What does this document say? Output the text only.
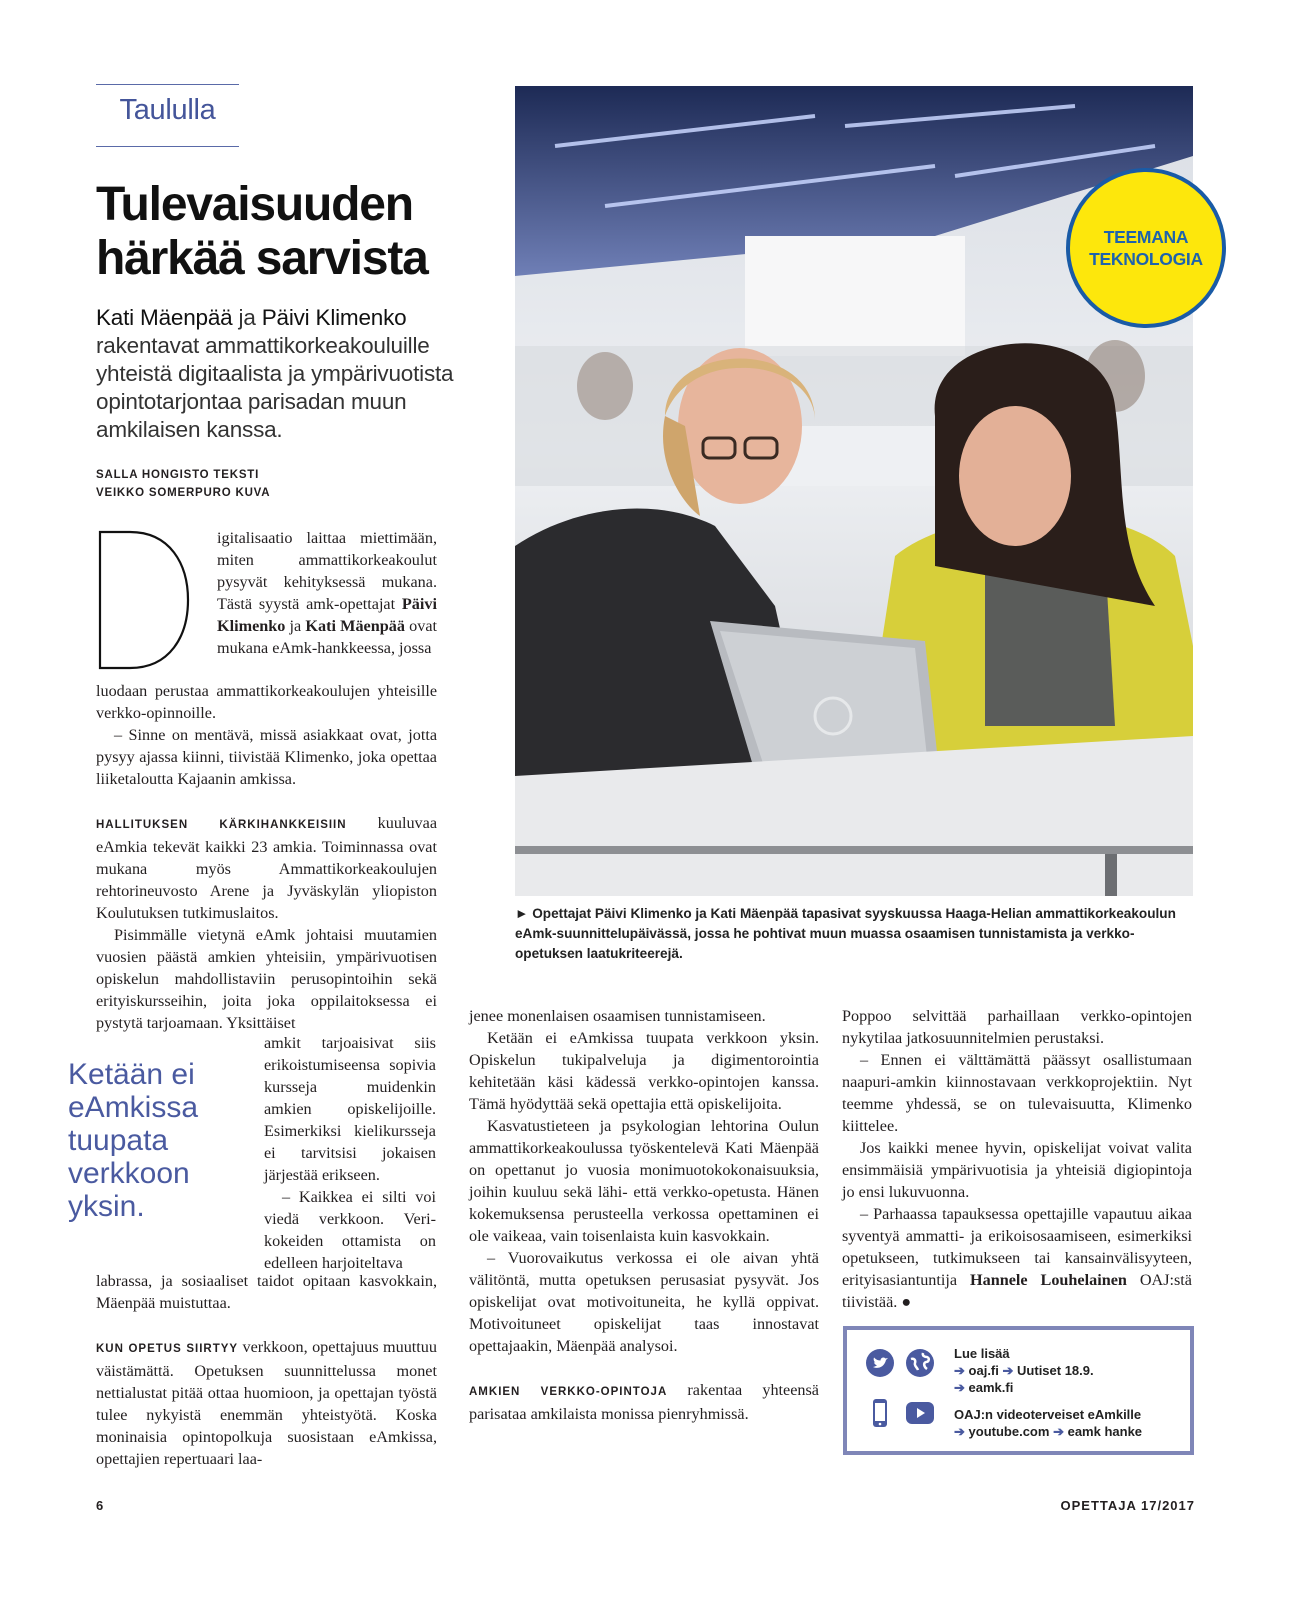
Taululla
Tulevaisuuden
härkää sarvista
Kati Mäenpää ja Päivi Klimenko rakentavat ammattikorkeakouluille yhteistä digitaalista ja ympärivuotista opintotarjontaa parisadan muun amkilaisen kanssa.
SALLA HONGISTO TEKSTI
VEIKKO SOMERPURO KUVA

igitalisaatio laittaa miettimään, miten ammattikorkeakoulut pysyvät kehityksessä mukana. Tästä syystä amk-opettajat Päivi Klimenko ja Kati Mäenpää ovat mukana eAmk-hankkeessa, jossa

luodaan perustaa ammattikorkeakoulujen yhteisille verkko-opinnoille.

– Sinne on mentävä, missä asiakkaat ovat, jotta pysyy ajassa kiinni, tiivistää Klimenko, joka opettaa liiketaloutta Kajaanin amkissa.

HALLITUKSEN KÄRKIHANKKEISIIN kuuluvaa eAmkia tekevät kaikki 23 amkia. Toiminnassa ovat mukana myös Ammattikorkeakoulujen rehtorineuvosto Arene ja Jyväskylän yliopiston Koulutuksen tutkimuslaitos.

Pisimmälle vietynä eAmk johtaisi muutamien vuosien päästä amkien yhteisiin, ympärivuotisen opiskelun mahdollistaviin perusopintoihin sekä erityiskursseihin, joita joka oppilaitoksessa ei pystytä tarjoamaan. Yksittäiset

amkit tarjoaisivat siis erikoistumiseensa sopivia kursseja muidenkin amkien opiskelijoille. Esimerkiksi kielikursseja ei tarvitsisi jokaisen järjestää erikseen.

– Kaikkea ei silti voi viedä verkkoon. Verikokeiden ottamista on edelleen harjoiteltava

labrassa, ja sosiaaliset taidot opitaan kasvokkain, Mäenpää muistuttaa.

KUN OPETUS SIIRTYY verkkoon, opettajuus muuttuu väistämättä. Opetuksen suunnittelussa monet nettialustat pitää ottaa huomioon, ja opettajan työstä tulee nykyistä enemmän yhteistyötä. Koska moninaisia opintopolkuja suosistaan eAmkissa, opettajien repertuaari laa-

Ketään ei eAmkissa tuupata verkkoon yksin.
TEEMANA
TEKNOLOGIA
► Opettajat Päivi Klimenko ja Kati Mäenpää tapasivat syyskuussa Haaga-Helian ammattikorkeakoulun eAmk-suunnittelupäivässä, jossa he pohtivat muun muassa osaamisen tunnistamista ja verkko-opetuksen laatukriteerejä.

jenee monenlaisen osaamisen tunnistamiseen.

Ketään ei eAmkissa tuupata verkkoon yksin. Opiskelun tukipalveluja ja digimentorointia kehitetään käsi kädessä verkko-opintojen kanssa. Tämä hyödyttää sekä opettajia että opiskelijoita.

Kasvatustieteen ja psykologian lehtorina Oulun ammattikorkeakoulussa työskentelevä Kati Mäenpää on opettanut jo vuosia monimuotokokonaisuuksia, joihin kuuluu sekä lähi- että verkko-opetusta. Hänen kokemuksensa perusteella verkossa opettaminen ei ole vaikeaa, vain toisenlaista kuin kasvokkain.

– Vuorovaikutus verkossa ei ole aivan yhtä välitöntä, mutta opetuksen perusasiat pysyvät. Jos opiskelijat ovat motivoituneita, he kyllä oppivat. Motivoituneet opiskelijat taas innostavat opettajaakin, Mäenpää analysoi.

AMKIEN VERKKO-OPINTOJA rakentaa yhteensä parisataa amkilaista monissa pienryhmissä.

Poppoo selvittää parhaillaan verkko-opintojen nykytilaa jatkosuunnitelmien perustaksi.

– Ennen ei välttämättä päässyt osallistumaan naapuri-amkin kiinnostavaan verkkoprojektiin. Nyt teemme yhdessä, se on tulevaisuutta, Klimenko kiittelee.

Jos kaikki menee hyvin, opiskelijat voivat valita ensimmäisiä ympärivuotisia ja yhteisiä digiopintoja jo ensi lukuvuonna.

– Parhaassa tapauksessa opettajille vapautuu aikaa syventyä ammatti- ja erikoisosaamiseen, esimerkiksi opetukseen, tutkimukseen tai kansainvälisyyteen, erityisasiantuntija Hannele Louhelainen OAJ:stä tiivistää. ●

Lue lisää
➔ oaj.fi ➔ Uutiset 18.9.
➔ eamk.fi
OAJ:n videoterveiset eAmkille
➔ youtube.com ➔ eamk hanke
6	OPETTAJA 17/2017
